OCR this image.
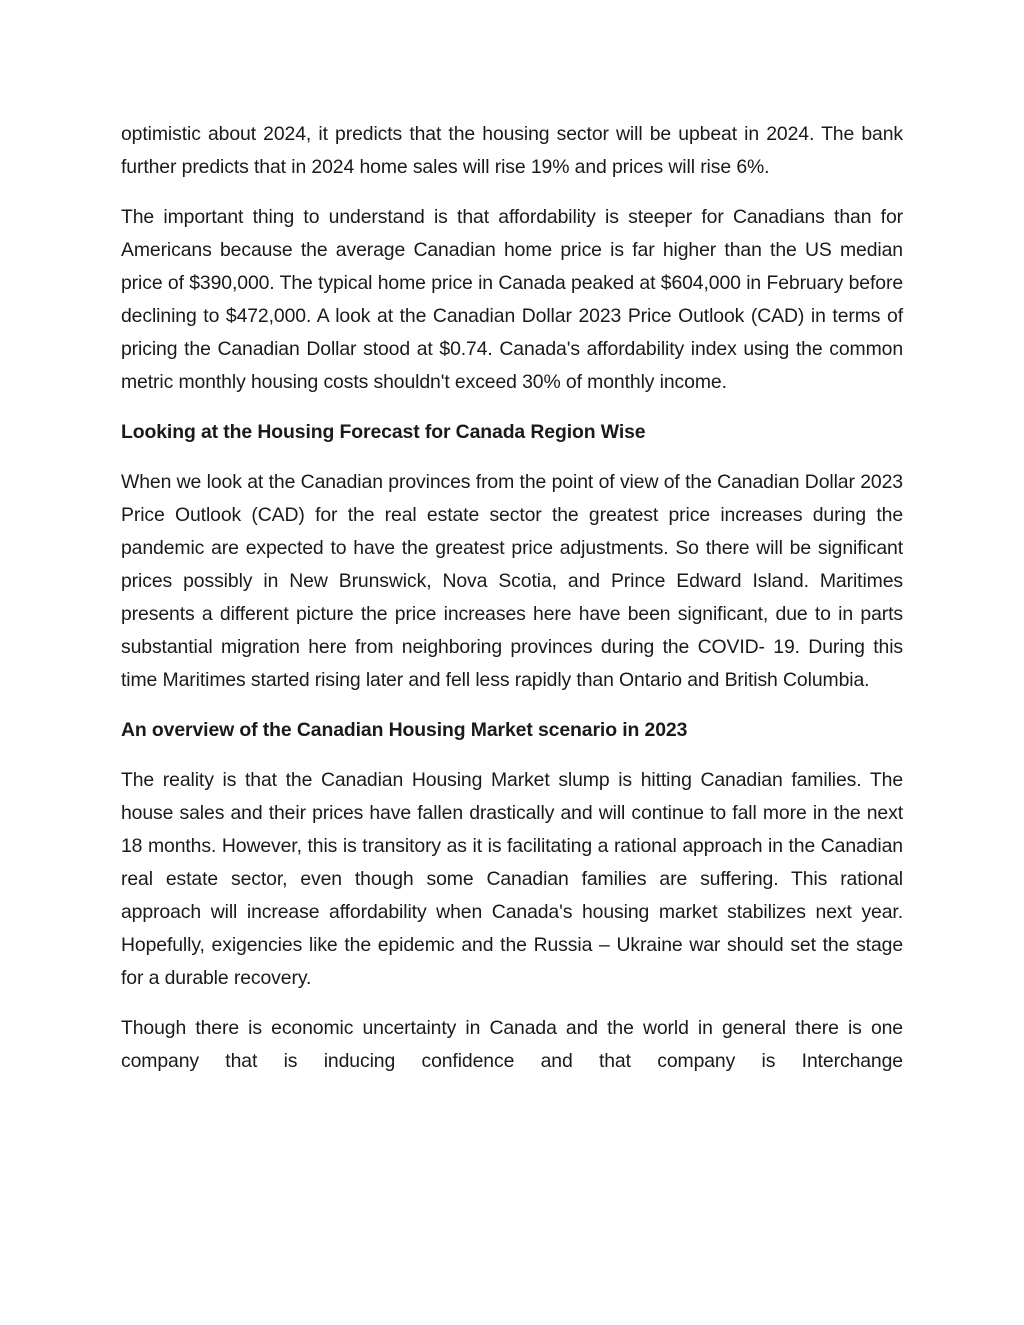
optimistic about 2024, it predicts that the housing sector will be upbeat in 2024. The bank further predicts that in 2024 home sales will rise 19% and prices will rise 6%.

The important thing to understand is that affordability is steeper for Canadians than for Americans because the average Canadian home price is far higher than the US median price of $390,000. The typical home price in Canada peaked at $604,000 in February before declining to $472,000. A look at the Canadian Dollar 2023 Price Outlook (CAD) in terms of pricing the Canadian Dollar stood at $0.74. Canada's affordability index using the common metric monthly housing costs shouldn't exceed 30% of monthly income.

Looking at the Housing Forecast for Canada Region Wise

When we look at the Canadian provinces from the point of view of the Canadian Dollar 2023 Price Outlook (CAD) for the real estate sector the greatest price increases during the pandemic are expected to have the greatest price adjustments. So there will be significant prices possibly in New Brunswick, Nova Scotia, and Prince Edward Island. Maritimes presents a different picture the price increases here have been significant, due to in parts substantial migration here from neighboring provinces during the COVID- 19. During this time Maritimes started rising later and fell less rapidly than Ontario and British Columbia.

An overview of the Canadian Housing Market scenario in 2023

The reality is that the Canadian Housing Market slump is hitting Canadian families. The house sales and their prices have fallen drastically and will continue to fall more in the next 18 months. However, this is transitory as it is facilitating a rational approach in the Canadian real estate sector, even though some Canadian families are suffering. This rational approach will increase affordability when Canada's housing market stabilizes next year. Hopefully, exigencies like the epidemic and the Russia – Ukraine war should set the stage for a durable recovery.

Though there is economic uncertainty in Canada and the world in general there is one company that is inducing confidence and that company is Interchange
